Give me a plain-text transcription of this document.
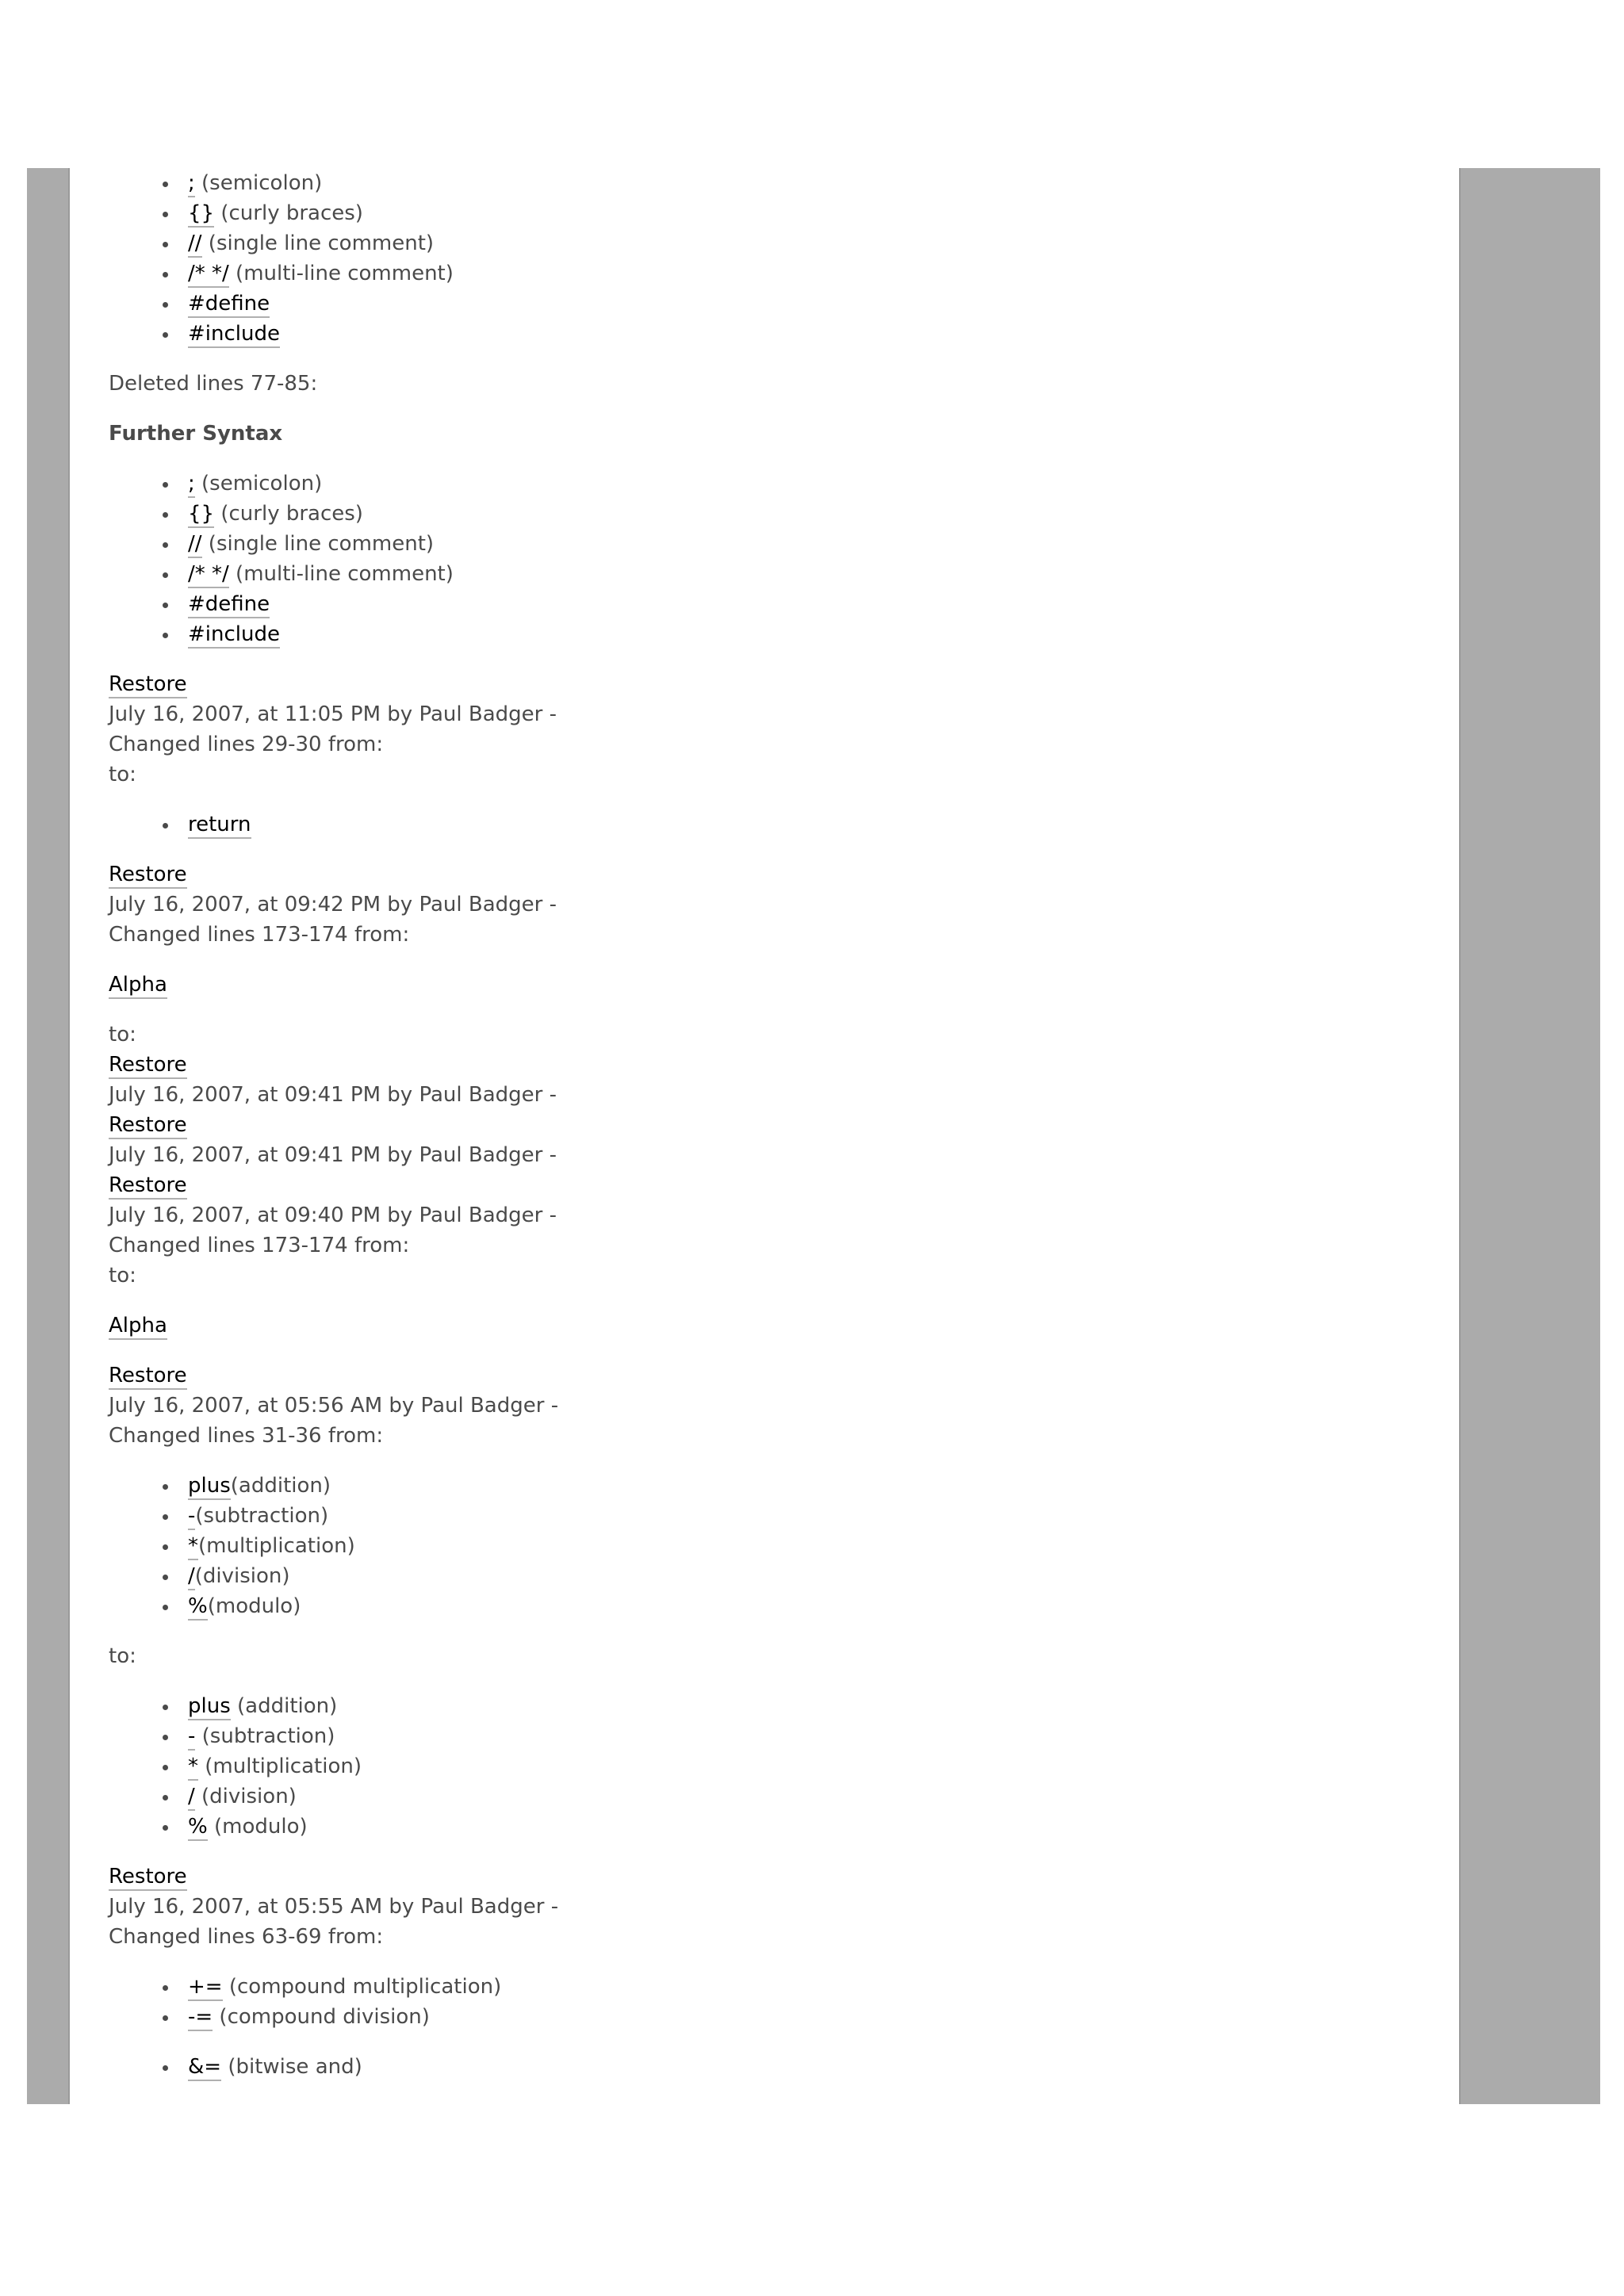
; (semicolon)
{} (curly braces)
// (single line comment)
/* */ (multi-line comment)
#define
#include

Deleted lines 77-85:

Further Syntax

; (semicolon)
{} (curly braces)
// (single line comment)
/* */ (multi-line comment)
#define
#include

Restore

July 16, 2007, at 11:05 PM by Paul Badger -

Changed lines 29-30 from:

to:

return

Restore

July 16, 2007, at 09:42 PM by Paul Badger -

Changed lines 173-174 from:

Alpha

to:

Restore

July 16, 2007, at 09:41 PM by Paul Badger -

Restore

July 16, 2007, at 09:41 PM by Paul Badger -

Restore

July 16, 2007, at 09:40 PM by Paul Badger -

Changed lines 173-174 from:

to:

Alpha

Restore

July 16, 2007, at 05:56 AM by Paul Badger -

Changed lines 31-36 from:

plus(addition)
-(subtraction)
*(multiplication)
/(division)
%(modulo)

to:

plus (addition)
- (subtraction)
* (multiplication)
/ (division)
% (modulo)

Restore

July 16, 2007, at 05:55 AM by Paul Badger -

Changed lines 63-69 from:

+= (compound multiplication)
-= (compound division)
&= (bitwise and)
